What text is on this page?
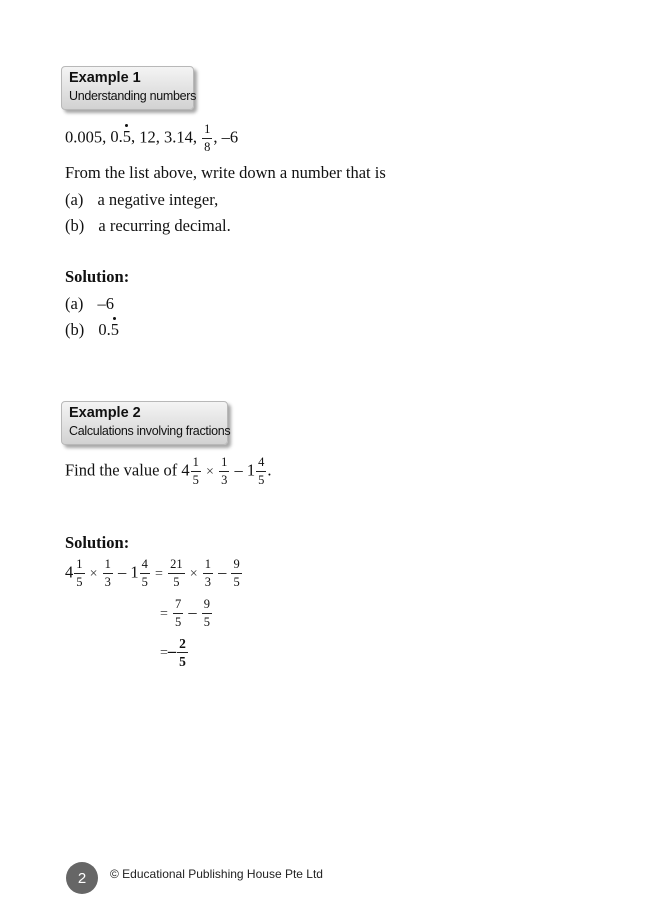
Example 1
Understanding numbers
0.005, 0.5, 12, 3.14, $\frac{1}{8}$ , –6
From the list above, write down a number that is
(a) a negative integer,
(b) a recurring decimal.
Solution:
(a) –6
(b) 0.5
Example 2
Calculations involving fractions
Find the value of $4 \frac{1}{5} \times \frac{1}{3} - 1 \frac{4}{5}$ .
Solution:
$4 \frac{1}{5} \times \frac{1}{3} - 1 \frac{4}{5} = \frac{21}{5} \times \frac{1}{3} - \frac{9}{5}$
= $\frac{7}{5} - \frac{9}{5}$
=– $\frac{2}{5}$
2	© Educational Publishing House Pte Ltd
